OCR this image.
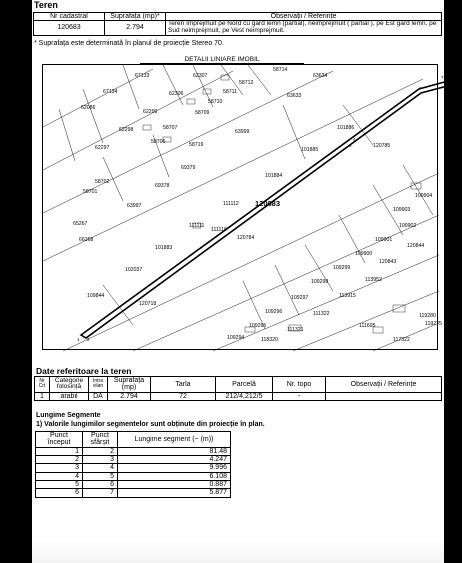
Teren
Nr cadastral	Suprafața (mp)*	Observații / Referințe
120683	2.794	Teren împrejmuit pe Nord cu gard lemn (partial), neimprejmuit ( partial ), pe Est gard lemn, pe Sud neimprejmuit, pe Vest neimprejmuit.
* Suprafața este determinată în planul de proiecție Stereo 70.
DETALII LINIARE IMOBIL
7 6
5
1 2
3
4
67133	62307
58714
58712
63634
67134	62306	58711
63633
62086
58710
62299	58709
62298	58707
63999
101886
58706	58719
62297	101885
120785
69379
58702
101884
58701
69378
111112 120683
109904
63997
109903
65267	111111
111110
109902
66268	120784	109901
120844
109900
101883
120843
102037	109299
109298
109844
113952
120718
109297	113915
111322
111695
109296
109295
111321
119280
119275
109294	118320	117322
Date referitoare la teren
Nr Crt	Categorie folosință	Intra vilan	Suprafața (mp)	Tarla	Parcelă	Nr. topo	Observații / Referințe
1	arabil	DA	2.794	72	212/4,212/5	-	
Lungime Segmente
1) Valorile lungimilor segmentelor sunt obținute din proiecție în plan.
Punct început	Punct sfârșit	Lungime segment (~ (m))
1	2	81.48
2	3	4.247
3	4	9.996
4	5	6.108
5	6	0.887
6	7	5.877
